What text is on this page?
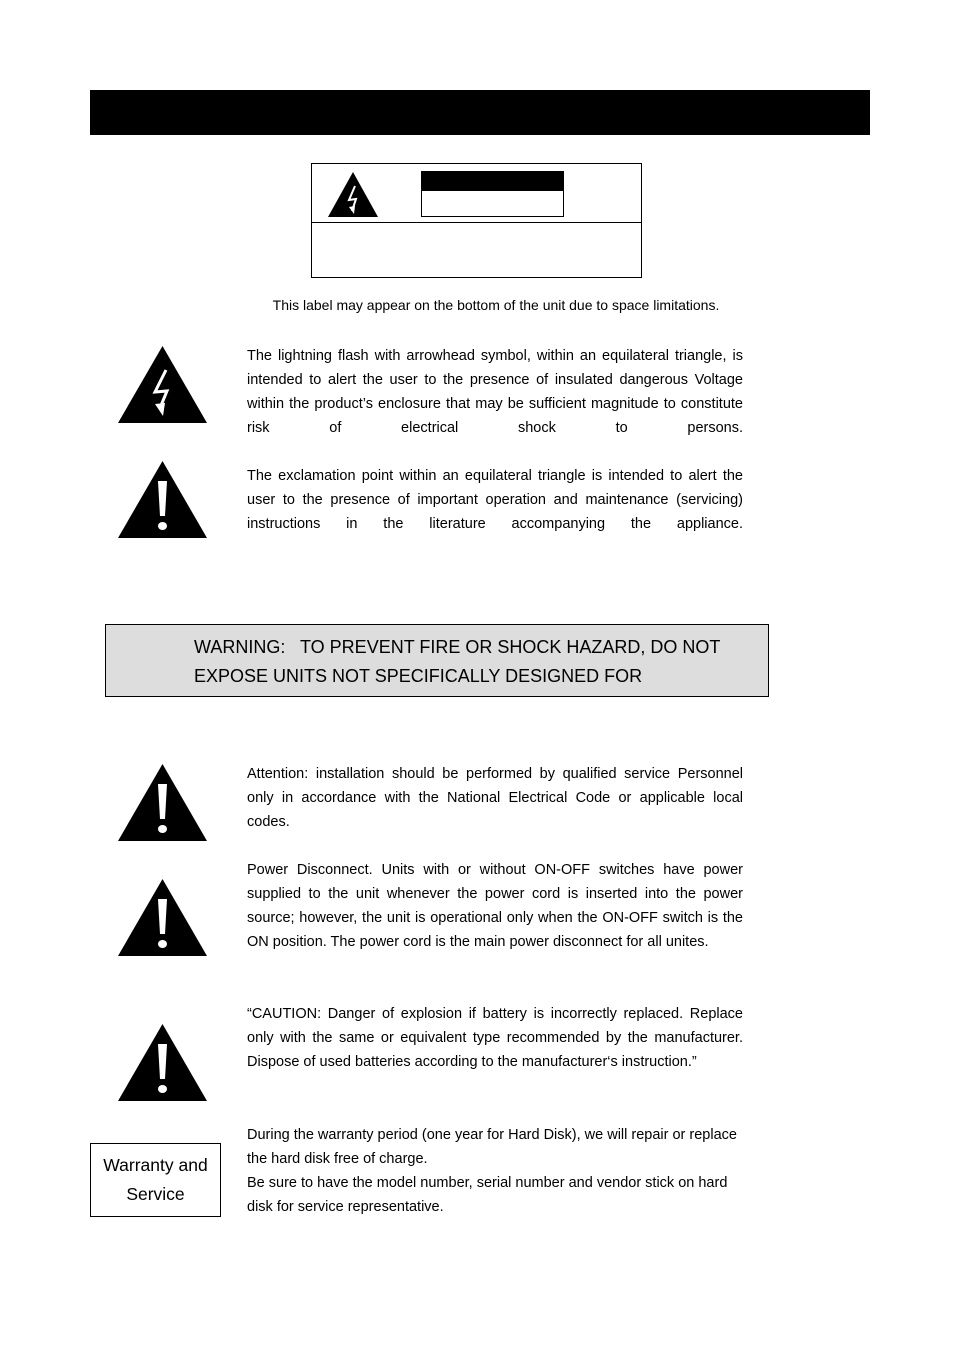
This label may appear on the bottom of the unit due to space limitations.
The lightning flash with arrowhead symbol, within an equilateral triangle, is intended to alert the user to the presence of insulated dangerous Voltage within the product’s enclosure that may be sufficient magnitude to constitute risk of electrical shock to persons.
The exclamation point within an equilateral triangle is intended to alert the user to the presence of important operation and maintenance (servicing) instructions in the literature accompanying the appliance.
WARNING:   TO PREVENT FIRE OR SHOCK HAZARD, DO NOT EXPOSE UNITS NOT SPECIFICALLY DESIGNED FOR
Attention: installation should be performed by qualified service Personnel only in accordance with the National Electrical Code or applicable local codes.
Power Disconnect. Units with or without ON-OFF switches have power supplied to the unit whenever the power cord is inserted into the power source; however, the unit is operational only when the ON-OFF switch is the ON position. The power cord is the main power disconnect for all unites.
“CAUTION: Danger of explosion if battery is incorrectly replaced. Replace only with the same or equivalent type recommended by the manufacturer. Dispose of used batteries according to the manufacturer‘s instruction.”
Warranty and Service
During the warranty period (one year for Hard Disk), we will repair or replace the hard disk free of charge.
Be sure to have the model number, serial number and vendor stick on hard disk for service representative.
